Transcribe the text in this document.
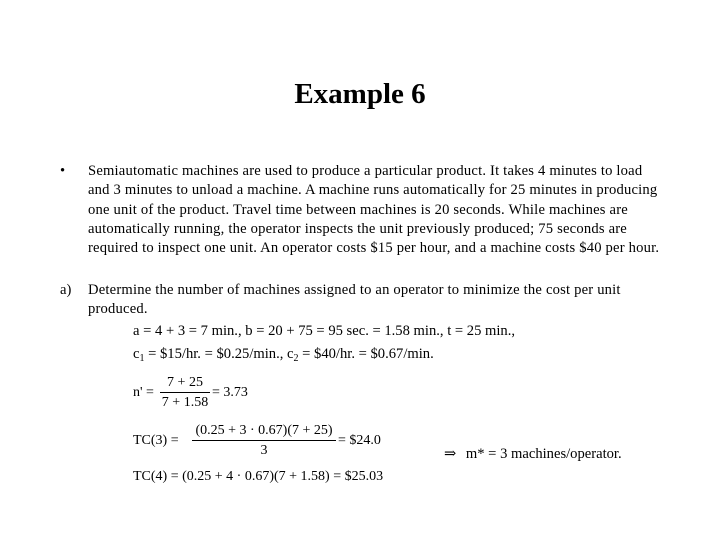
Example 6
• Semiautomatic machines are used to produce a particular product. It takes 4 minutes to load and 3 minutes to unload a machine. A machine runs automatically for 25 minutes in producing one unit of the product. Travel time between machines is 20 seconds. While machines are automatically running, the operator inspects the unit previously produced; 75 seconds are required to inspect one unit. An operator costs $15 per hour, and a machine costs $40 per hour.
a) Determine the number of machines assigned to an operator to minimize the cost per unit produced.
a = 4 + 3 = 7 min., b = 20 + 75 = 95 sec. = 1.58 min., t = 25 min.,
$c_1$ = $15/hr. = $0.25/min., $c_2$ = $40/hr. = $0.67/min.
$n' = \frac{7 + 25}{7 + 1.58} = 3.73$
$TC(3) = \frac{(0.25 + 3 \cdot 0.67)(7 + 25)}{3}$ = $24.0
TC(4) = (0.25 + 4 · 0.67)(7 + 1.58) = $25.03
⇒ m* = 3 machines/operator.
